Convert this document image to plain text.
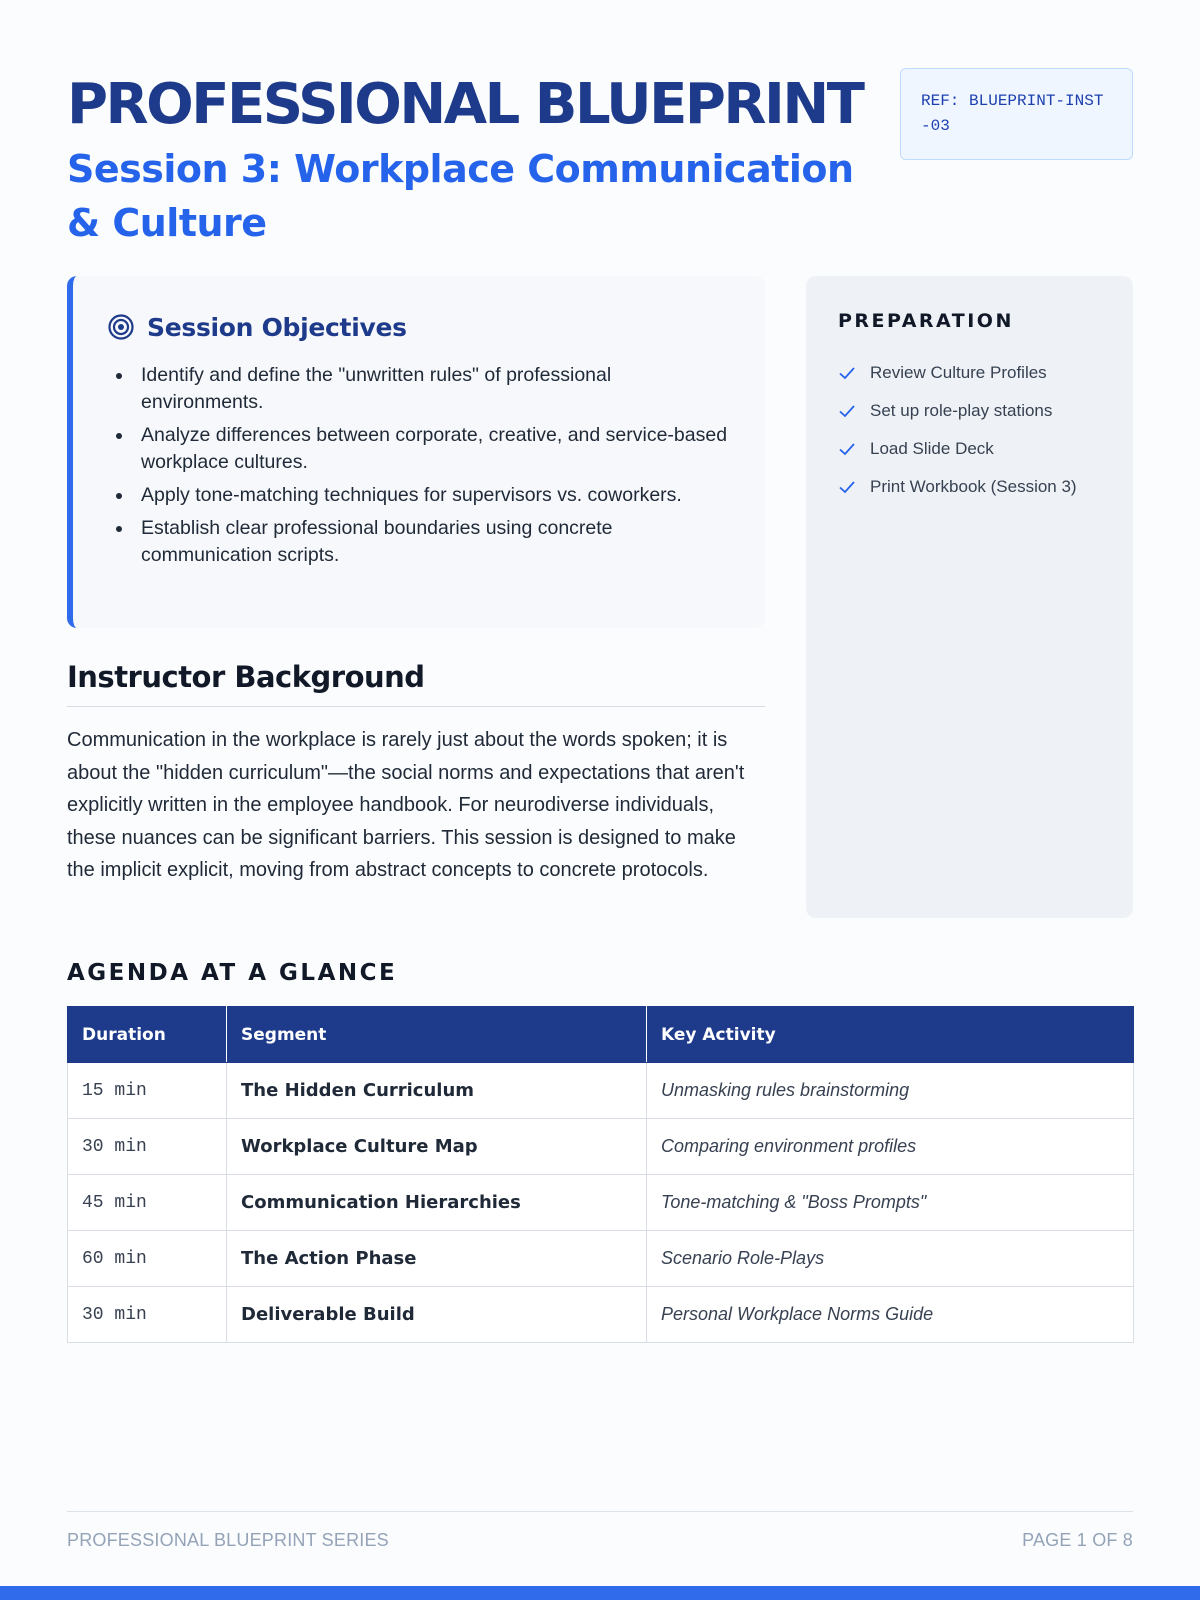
PROFESSIONAL BLUEPRINT
Session 3: Workplace Communication & Culture
REF: BLUEPRINT-INST-03
Session Objectives
Identify and define the "unwritten rules" of professional environments.
Analyze differences between corporate, creative, and service-based workplace cultures.
Apply tone-matching techniques for supervisors vs. coworkers.
Establish clear professional boundaries using concrete communication scripts.
PREPARATION
Review Culture Profiles
Set up role-play stations
Load Slide Deck
Print Workbook (Session 3)
Instructor Background

Communication in the workplace is rarely just about the words spoken; it is about the "hidden curriculum"—the social norms and expectations that aren't explicitly written in the employee handbook. For neurodiverse individuals, these nuances can be significant barriers. This session is designed to make the implicit explicit, moving from abstract concepts to concrete protocols.

AGENDA AT A GLANCE
Duration	Segment	Key Activity
15 min	The Hidden Curriculum	Unmasking rules brainstorming
30 min	Workplace Culture Map	Comparing environment profiles
45 min	Communication Hierarchies	Tone-matching & "Boss Prompts"
60 min	The Action Phase	Scenario Role-Plays
30 min	Deliverable Build	Personal Workplace Norms Guide
PROFESSIONAL BLUEPRINT SERIES	PAGE 1 OF 8
